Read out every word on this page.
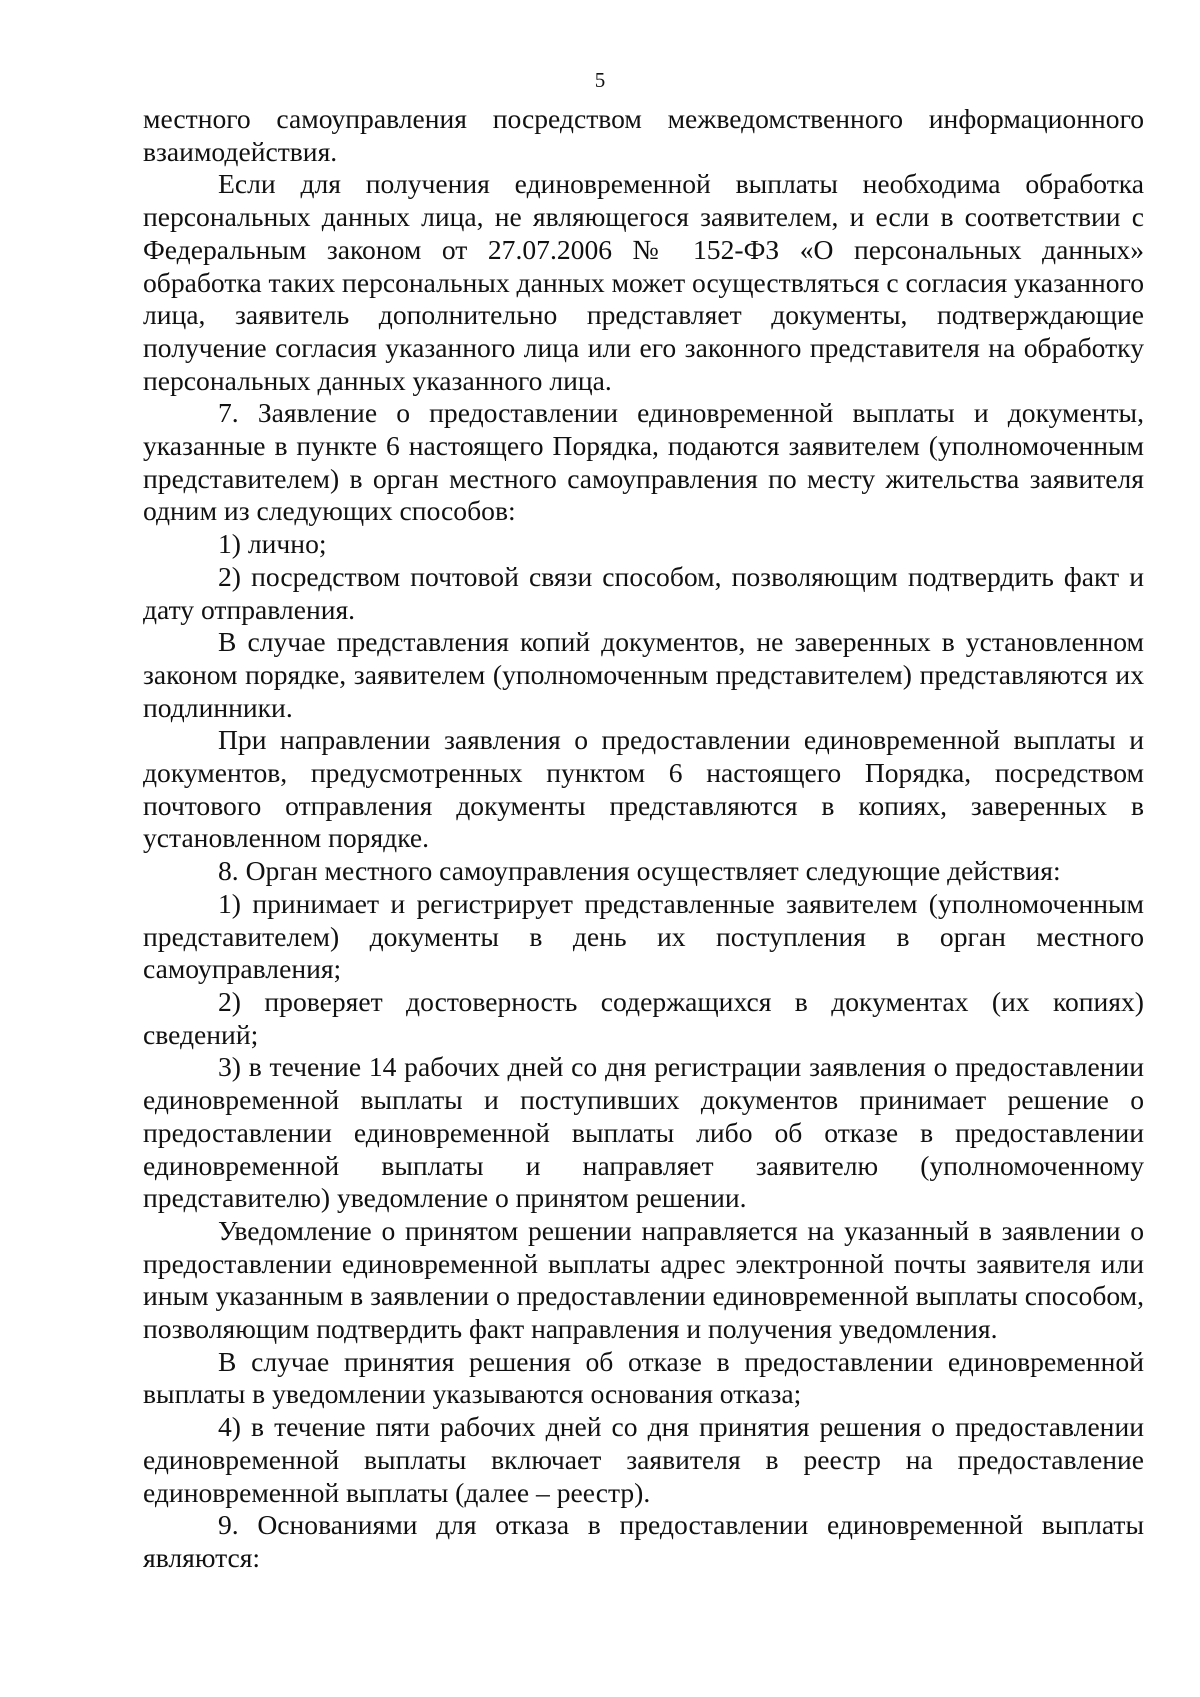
5

местного самоуправления посредством межведомственного информационного взаимодействия.

Если для получения единовременной выплаты необходима обработка персональных данных лица, не являющегося заявителем, и если в соответствии с Федеральным законом от 27.07.2006 № 152-ФЗ «О персональных данных» обработка таких персональных данных может осуществляться с согласия указанного лица, заявитель дополнительно представляет документы, подтверждающие получение согласия указанного лица или его законного представителя на обработку персональных данных указанного лица.

7. Заявление о предоставлении единовременной выплаты и документы, указанные в пункте 6 настоящего Порядка, подаются заявителем (уполномоченным представителем) в орган местного самоуправления по месту жительства заявителя одним из следующих способов:

1) лично;

2) посредством почтовой связи способом, позволяющим подтвердить факт и дату отправления.

В случае представления копий документов, не заверенных в установленном законом порядке, заявителем (уполномоченным представителем) представляются их подлинники.

При направлении заявления о предоставлении единовременной выплаты и документов, предусмотренных пунктом 6 настоящего Порядка, посредством почтового отправления документы представляются в копиях, заверенных в установленном порядке.

8. Орган местного самоуправления осуществляет следующие действия:

1) принимает и регистрирует представленные заявителем (уполномоченным представителем) документы в день их поступления в орган местного самоуправления;

2) проверяет достоверность содержащихся в документах (их копиях) сведений;

3) в течение 14 рабочих дней со дня регистрации заявления о предоставлении единовременной выплаты и поступивших документов принимает решение о предоставлении единовременной выплаты либо об отказе в предоставлении единовременной выплаты и направляет заявителю (уполномоченному представителю) уведомление о принятом решении.

Уведомление о принятом решении направляется на указанный в заявлении о предоставлении единовременной выплаты адрес электронной почты заявителя или иным указанным в заявлении о предоставлении единовременной выплаты способом, позволяющим подтвердить факт направления и получения уведомления.

В случае принятия решения об отказе в предоставлении единовременной выплаты в уведомлении указываются основания отказа;

4) в течение пяти рабочих дней со дня принятия решения о предоставлении единовременной выплаты включает заявителя в реестр на предоставление единовременной выплаты (далее – реестр).

9. Основаниями для отказа в предоставлении единовременной выплаты являются:
